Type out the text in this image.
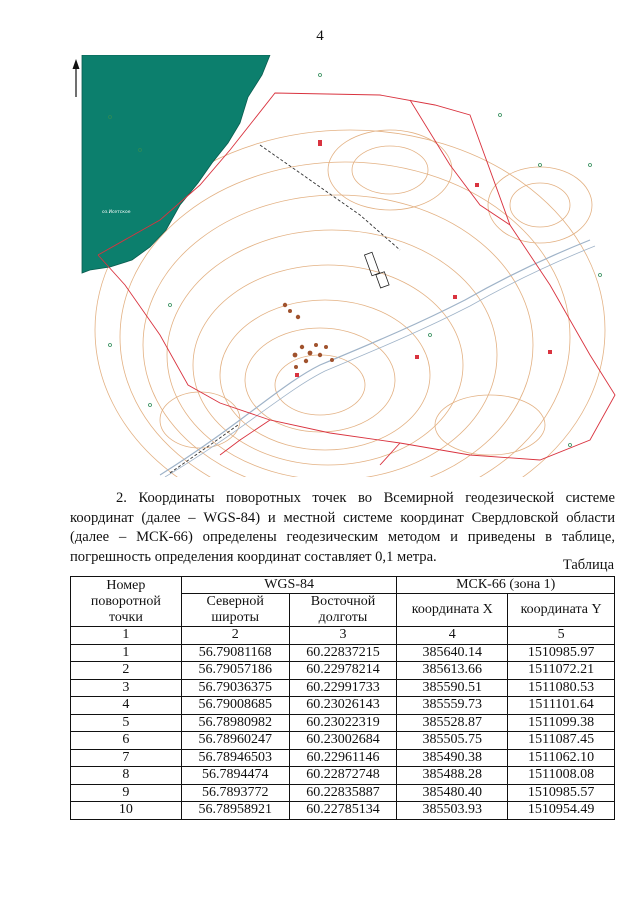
4
оз.Исетское
2. Координаты поворотных точек во Всемирной геодезической системе координат (далее – WGS-84) и местной системе координат Свердловской области (далее – МСК-66) определены геодезическим методом и приведены в таблице, погрешность определения координат составляет 0,1 метра.
Таблица
Номер поворотной точки	WGS-84		МСК-66 (зона 1)	
	Северной широты	Восточной долготы	координата X	координата Y
1	2	3	4	5
1	56.79081168	60.22837215	385640.14	1510985.97
2	56.79057186	60.22978214	385613.66	1511072.21
3	56.79036375	60.22991733	385590.51	1511080.53
4	56.79008685	60.23026143	385559.73	1511101.64
5	56.78980982	60.23022319	385528.87	1511099.38
6	56.78960247	60.23002684	385505.75	1511087.45
7	56.78946503	60.22961146	385490.38	1511062.10
8	56.7894474	60.22872748	385488.28	1511008.08
9	56.7893772	60.22835887	385480.40	1510985.57
10	56.78958921	60.22785134	385503.93	1510954.49
